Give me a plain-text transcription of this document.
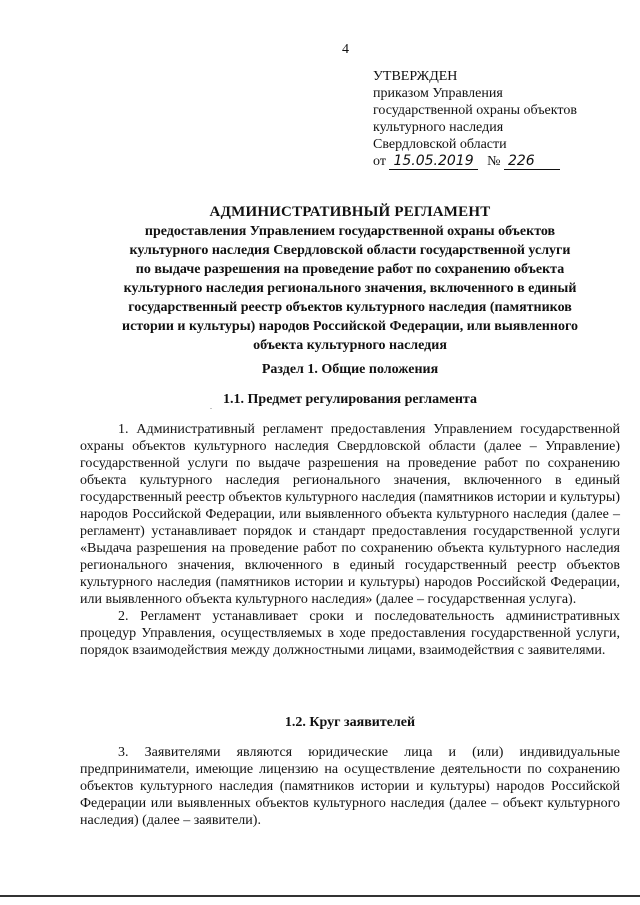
4
УТВЕРЖДЕН
приказом Управления
государственной охраны объектов
культурного наследия
Свердловской области
от 15.05.2019 № 226
АДМИНИСТРАТИВНЫЙ РЕГЛАМЕНТ
предоставления Управлением государственной охраны объектов
культурного наследия Свердловской области государственной услуги
по выдаче разрешения на проведение работ по сохранению объекта
культурного наследия регионального значения, включенного в единый
государственный реестр объектов культурного наследия (памятников
истории и культуры) народов Российской Федерации, или выявленного
объекта культурного наследия
Раздел 1. Общие положения
1.1. Предмет регулирования регламента
.

1. Административный регламент предоставления Управлением государственной охраны объектов культурного наследия Свердловской области (далее – Управление) государственной услуги по выдаче разрешения на проведение работ по сохранению объекта культурного наследия регионального значения, включенного в единый государственный реестр объектов культурного наследия (памятников истории и культуры) народов Российской Федерации, или выявленного объекта культурного наследия (далее – регламент) устанавливает порядок и стандарт предоставления государственной услуги «Выдача разрешения на проведение работ по сохранению объекта культурного наследия регионального значения, включенного в единый государственный реестр объектов культурного наследия (памятников истории и культуры) народов Российской Федерации, или выявленного объекта культурного наследия» (далее – государственная услуга).

2. Регламент устанавливает сроки и последовательность административных процедур Управления, осуществляемых в ходе предоставления государственной услуги, порядок взаимодействия между должностными лицами, взаимодействия с заявителями.

1.2. Круг заявителей

3. Заявителями являются юридические лица и (или) индивидуальные предприниматели, имеющие лицензию на осуществление деятельности по сохранению объектов культурного наследия (памятников истории и культуры) народов Российской Федерации или выявленных объектов культурного наследия (далее – объект культурного наследия) (далее – заявители).
